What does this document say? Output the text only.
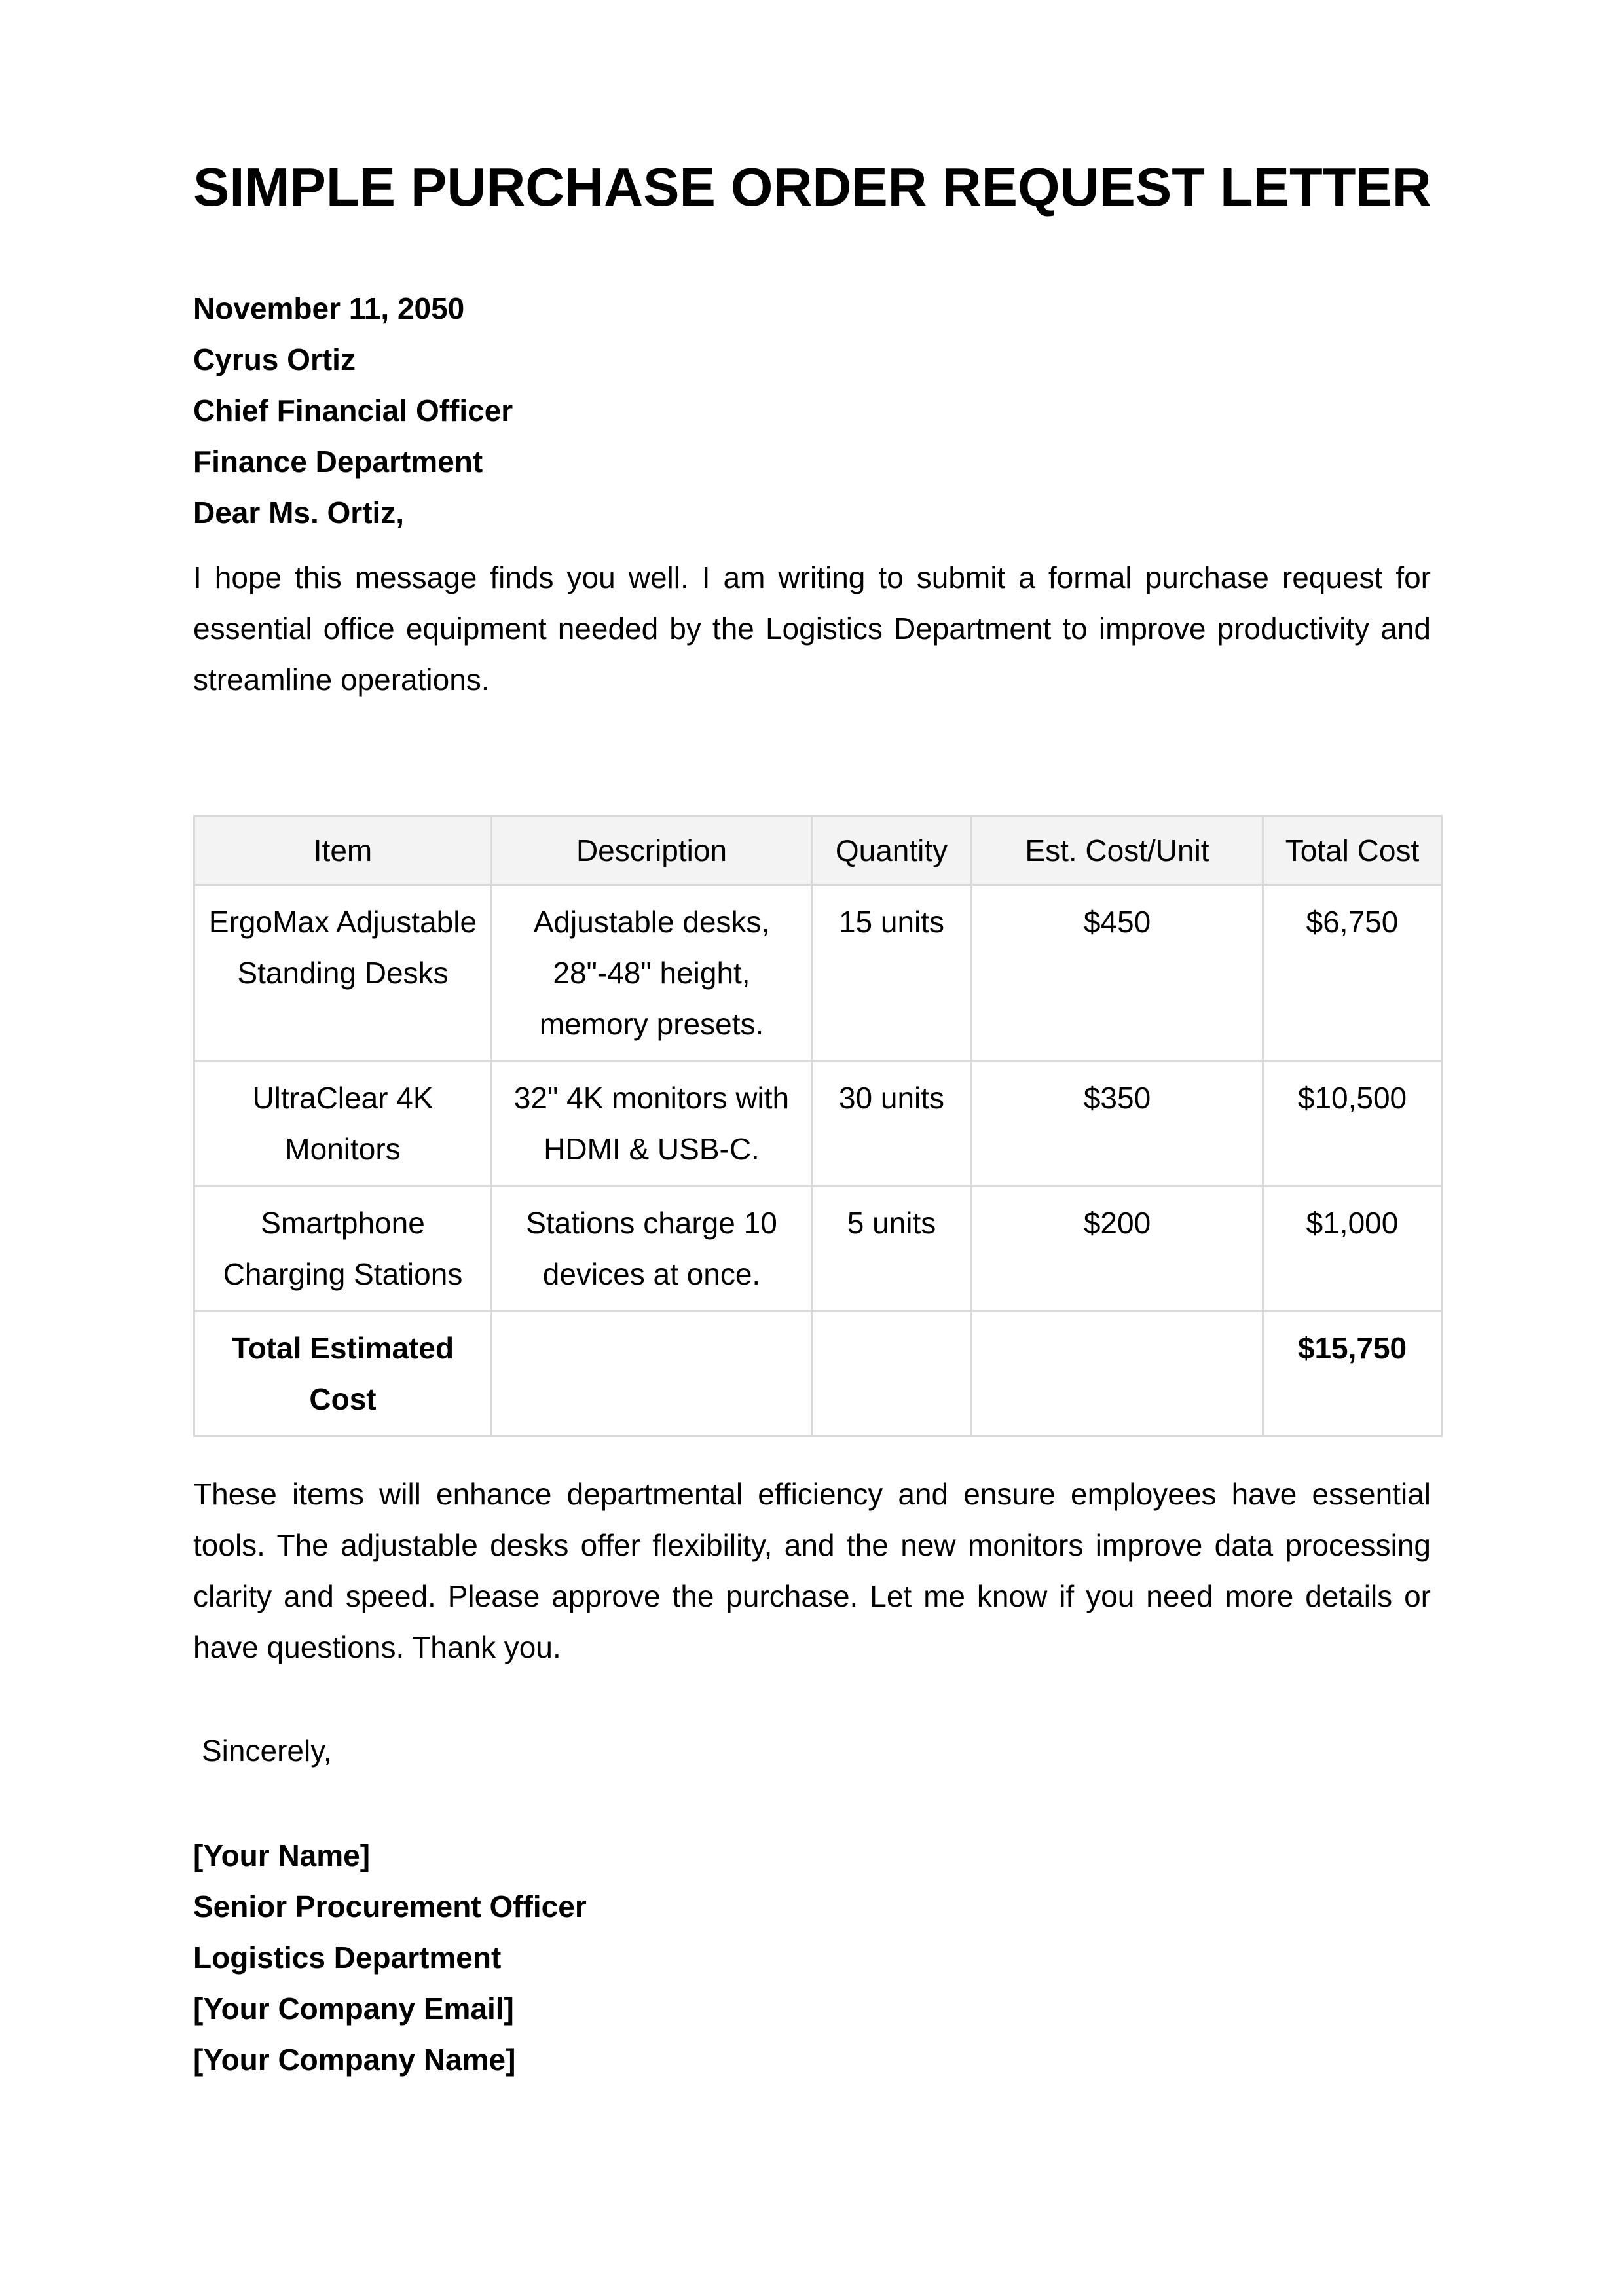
SIMPLE PURCHASE ORDER REQUEST LETTER

November 11, 2050

Cyrus Ortiz

Chief Financial Officer

Finance Department

Dear Ms. Ortiz,

I hope this message finds you well. I am writing to submit a formal purchase request for essential office equipment needed by the Logistics Department to improve productivity and streamline operations.

Item	Description	Quantity	Est. Cost/Unit	Total Cost
ErgoMax Adjustable Standing Desks	Adjustable desks, 28"-48" height, memory presets.	15 units	$450	$6,750
UltraClear 4K Monitors	32" 4K monitors with HDMI & USB-C.	30 units	$350	$10,500
Smartphone Charging Stations	Stations charge 10 devices at once.	5 units	$200	$1,000
Total Estimated Cost				$15,750

These items will enhance departmental efficiency and ensure employees have essential tools. The adjustable desks offer flexibility, and the new monitors improve data processing clarity and speed. Please approve the purchase. Let me know if you need more details or have questions. Thank you.

Sincerely,

[Your Name]

Senior Procurement Officer

Logistics Department

[Your Company Email]

[Your Company Name]
